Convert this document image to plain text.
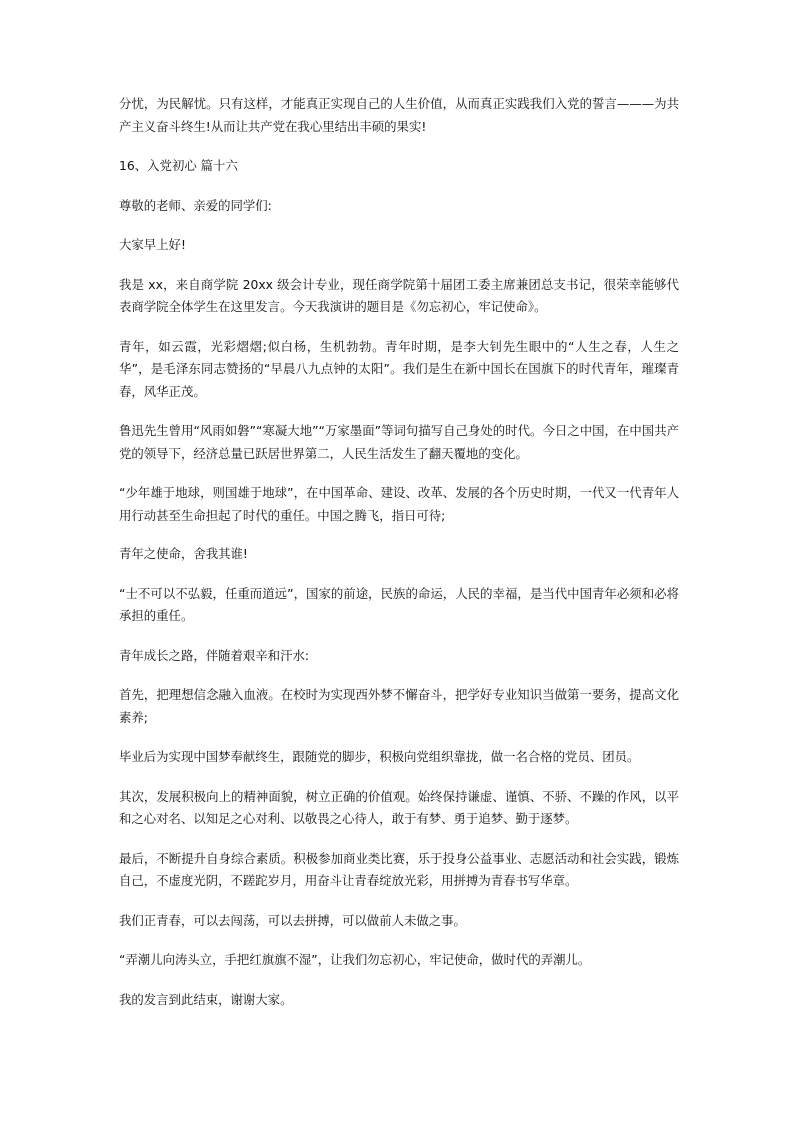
分忧，为民解忧。只有这样，才能真正实现自己的人生价值，从而真正实践我们入党的誓言———为共产主义奋斗终生!从而让共产党在我心里结出丰硕的果实!

16、入党初心 篇十六

尊敬的老师、亲爱的同学们:

大家早上好!

我是 xx，来自商学院 20xx 级会计专业，现任商学院第十届团工委主席兼团总支书记，很荣幸能够代表商学院全体学生在这里发言。今天我演讲的题目是《勿忘初心，牢记使命》。

青年，如云霞，光彩熠熠;似白杨，生机勃勃。青年时期，是李大钊先生眼中的“人生之春，人生之华”，是毛泽东同志赞扬的“早晨八九点钟的太阳”。我们是生在新中国长在国旗下的时代青年，璀璨青春，风华正茂。

鲁迅先生曾用“风雨如磐”“寒凝大地”“万家墨面”等词句描写自己身处的时代。今日之中国，在中国共产党的领导下，经济总量已跃居世界第二，人民生活发生了翻天覆地的变化。

“少年雄于地球，则国雄于地球”，在中国革命、建设、改革、发展的各个历史时期，一代又一代青年人用行动甚至生命担起了时代的重任。中国之腾飞，指日可待;

青年之使命，舍我其谁!

“士不可以不弘毅，任重而道远”，国家的前途，民族的命运，人民的幸福，是当代中国青年必须和必将承担的重任。

青年成长之路，伴随着艰辛和汗水:

首先，把理想信念融入血液。在校时为实现西外梦不懈奋斗，把学好专业知识当做第一要务，提高文化素养;

毕业后为实现中国梦奉献终生，跟随党的脚步，积极向党组织靠拢，做一名合格的党员、团员。

其次，发展积极向上的精神面貌，树立正确的价值观。始终保持谦虚、谨慎、不骄、不躁的作风，以平和之心对名、以知足之心对利、以敬畏之心待人，敢于有梦、勇于追梦、勤于逐梦。

最后，不断提升自身综合素质。积极参加商业类比赛，乐于投身公益事业、志愿活动和社会实践，锻炼自己，不虚度光阴，不蹉跎岁月，用奋斗让青春绽放光彩，用拼搏为青春书写华章。

我们正青春，可以去闯荡，可以去拼搏，可以做前人未做之事。

“弄潮儿向涛头立，手把红旗旗不湿”，让我们勿忘初心，牢记使命，做时代的弄潮儿。

我的发言到此结束，谢谢大家。
